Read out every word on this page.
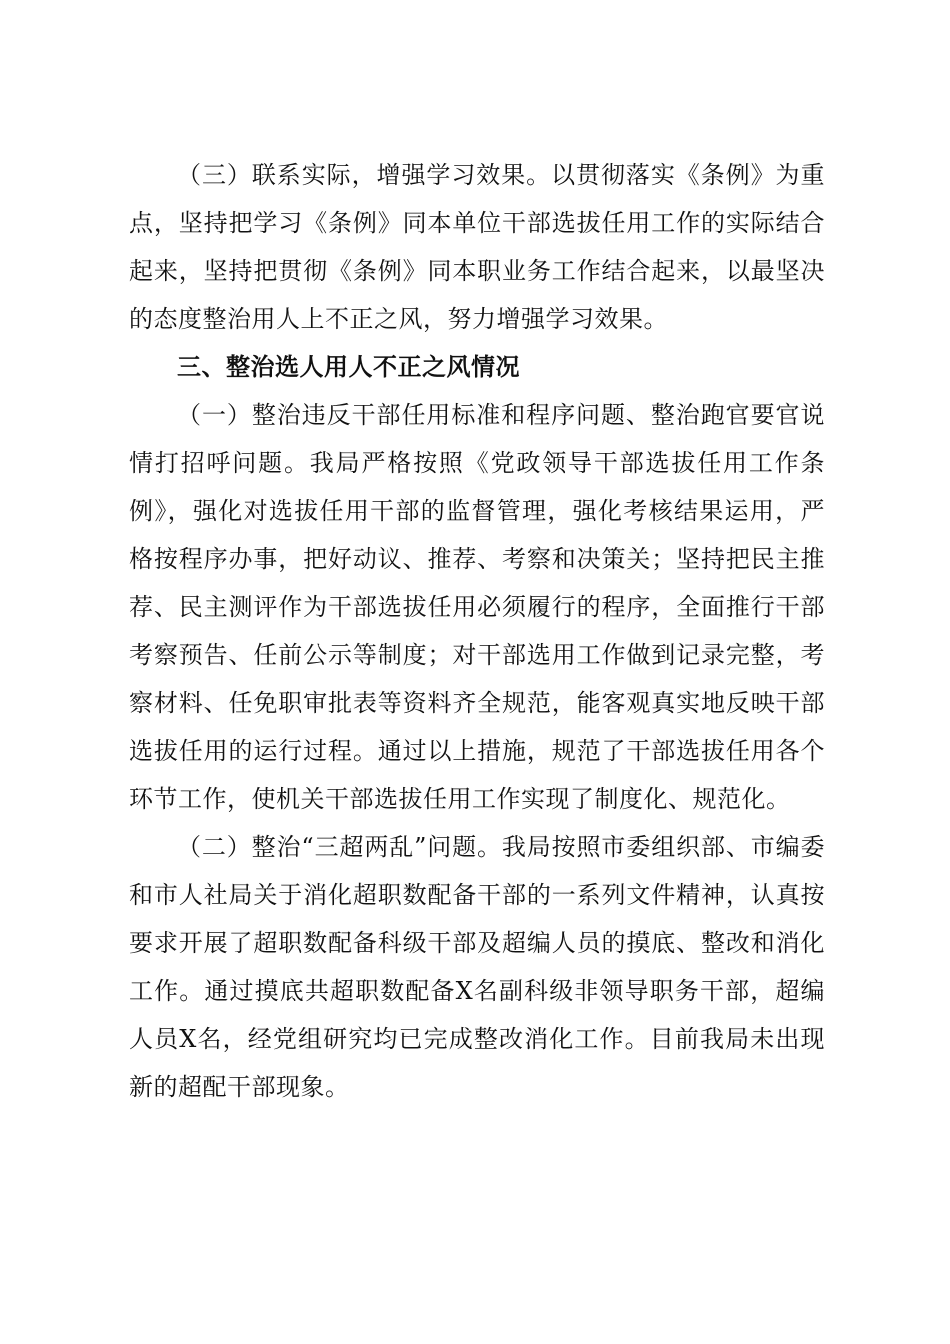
（三）联系实际，增强学习效果。以贯彻落实《条例》为重点，坚持把学习《条例》同本单位干部选拔任用工作的实际结合起来，坚持把贯彻《条例》同本职业务工作结合起来，以最坚决的态度整治用人上不正之风，努力增强学习效果。

三、整治选人用人不正之风情况

（一）整治违反干部任用标准和程序问题、整治跑官要官说情打招呼问题。我局严格按照《党政领导干部选拔任用工作条例》，强化对选拔任用干部的监督管理，强化考核结果运用，严格按程序办事，把好动议、推荐、考察和决策关；坚持把民主推荐、民主测评作为干部选拔任用必须履行的程序，全面推行干部考察预告、任前公示等制度；对干部选用工作做到记录完整，考察材料、任免职审批表等资料齐全规范，能客观真实地反映干部选拔任用的运行过程。通过以上措施，规范了干部选拔任用各个环节工作，使机关干部选拔任用工作实现了制度化、规范化。

（二）整治“三超两乱”问题。我局按照市委组织部、市编委和市人社局关于消化超职数配备干部的一系列文件精神，认真按要求开展了超职数配备科级干部及超编人员的摸底、整改和消化工作。通过摸底共超职数配备X名副科级非领导职务干部，超编人员X名，经党组研究均已完成整改消化工作。目前我局未出现新的超配干部现象。
